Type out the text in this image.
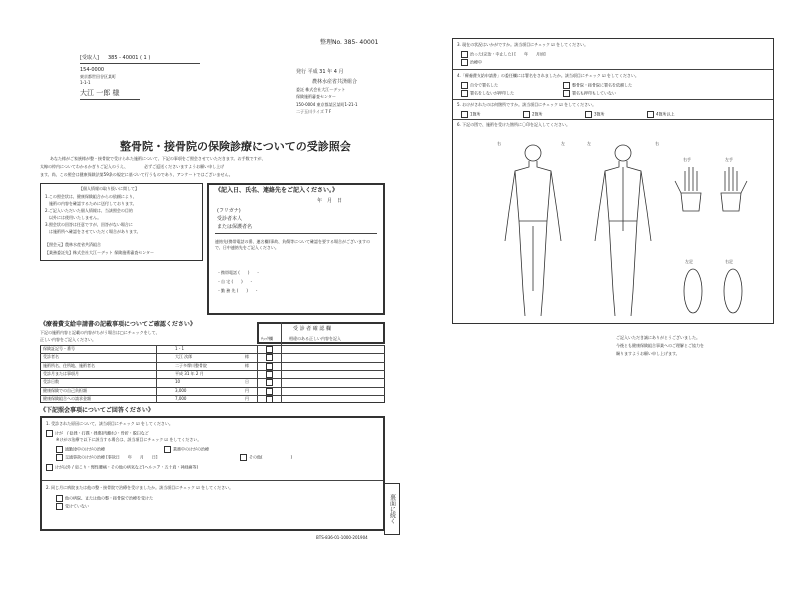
整理No. 385- 40001
[受取人] 385 - 40001 ( 1 )
154-0000
東京都世田谷区某町
1-1-1
大江 一郎 様
発行 平成 31 年 4 月
農林水産省共済組合
委託 株式会社大江ーデット
保険施術審査センター
150-0004 東京都某区某町1-21-1
二子玉川ライズ 7 F
整骨院・接骨院の保険診療についての受診照会
あなた様がご家族様が整・接骨院で受けられた施術について、下記の事項をご照会させていただきます。お手数ですが、
太線の枠内についてわかるかぎりご記入のうえ、　　　　必ずご返送くださいますようお願い申し上げ
ます。尚、この照会は健康保険法第59条の規定に基づいて行うものであり、アンケートではございません。
【個人情報の取り扱いに関して】
1.この照会状は、健康保険組合からの依頼により、
　施術の内容を確認するために送付しております。
2.ご記入いただいた個人情報は、当該照会の目的
　以外には使用いたしません。
3.照会状の回答は任意ですが、回答がない場合に
　は施術所へ確認をさせていただく場合があります。
【照会元】農林水産省共済組合
【業務委託先】株式会社大江ーデット 保険施術審査センター
《記入日、氏名、連絡先をご記入ください。》
年　月　日
(フリガナ)
受診者本人
または保護者名
連絡先(携帯電話の番、連名欄)事故、負傷等について確認を要する場合がございますので、日中連絡先をご記入ください。
・携帯電話 (　　)　　-
・自 宅 (　　)　　-
・勤 務 先 (　　)　　-
《療養費支給申請書の記載事項についてご確認ください》
下記の施術内容と記載の内容がちがう場合は□にチェックをして、
正しい内容をご記入ください。
受 診 者 確 認 欄
ﾁｪｯｸ欄	相違のある正しい内容を記入
保険証記号・番号	1 - 1
受診者名	大江 次郎	様
施術所名、住所地、施術者名	二子多摩川整骨院	様
受診月または事項月	平成 31 年 2 月
受診日数	10	日
健康保険での自己負担額	3,000	円
健康保険組合への請求金額	7,000	円
《下記照会事項についてご回答ください》
1. 受診された原因について、該当項目にチェック ☑ をしてください。
けが　/ 捻挫・打撲・挫傷(肉離れ)・骨折・脱臼など
※けがの治療で以下に該当する場合は、該当項目にチェック ☑ をしてください。
通勤途中のけがの治療	業務中のけがの治療
交通事故のけがの治療 [事故日　　年　　月　　日]	その他(　　　　　　　)
けが以外 / 肩こり・慢性腰痛・その他の病気など(ヘルニア・五十肩・神経痛等)
2. 同じ月に病院または他の整・接骨院で治療を受けましたか。該当項目にチェック ☑ をしてください。
他の病院、または他の整・接骨院で治療を受けた
受けていない	裏面に続く
BTS-836-01-1000-201904
3. 現在の状況はいかがですか。該当項目にチェック ☑ をしてください。
治った(完治・中止した) [　　年　　月頃]
治療中
4.「療養費支給申請書」の委任欄には署名をされましたか。該当項目にチェック ☑ をしてください。
自分で署名した	整骨院・接骨院に署名を依頼した
署名をしないが押印した	署名も押印もしていない
5. おけがされたのは何箇所ですか。該当項目にチェック ☑ をしてください。
1箇所	2箇所	3箇所	4箇所以上
6. 下記の図で、施術を受けた箇所に〇印を記入してください。
右	左	左	右
右手	左手
左足	右足
ご記入いただき誠にありがとうございました。
今後とも健康保険組合事業へのご理解とご協力を
賜りますようお願い申し上げます。
